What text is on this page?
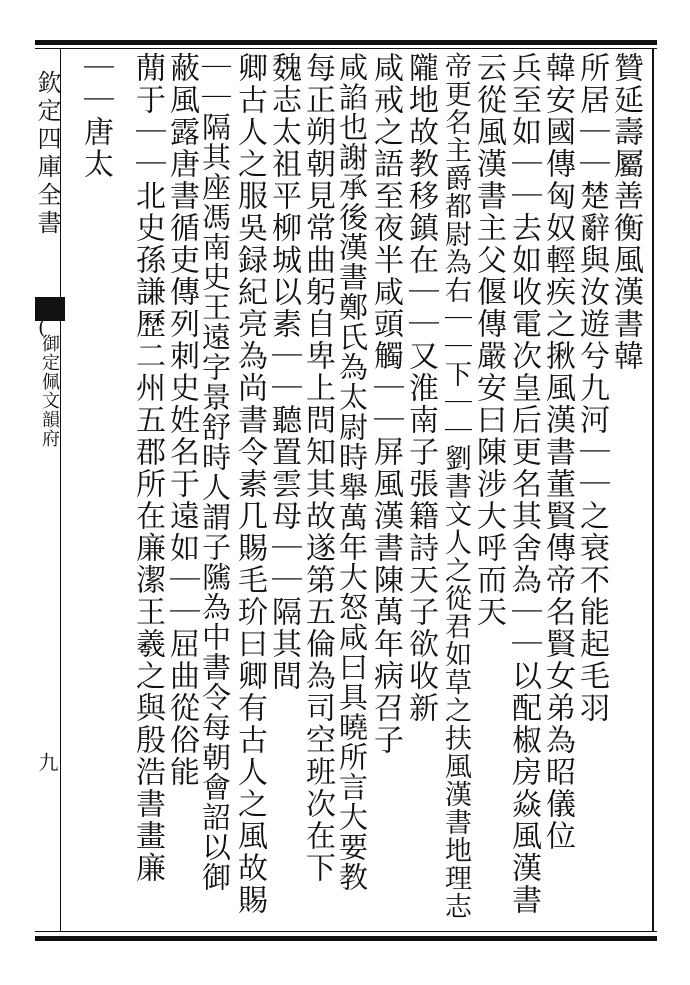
欽定四庫全書
(
御定佩文韻府
九
贊延壽屬善衡風漢書韓
所居｜｜楚辭與汝遊兮九河｜｜之衰不能起毛羽
韓安國傳匈奴輕疾之揪風漢書董賢傳帝名賢女弟為昭儀位
兵至如｜｜去如收電次皇后更名其舍為｜｜以配椒房焱風漢書
云從風漢書主父偃傳嚴安曰陳涉大呼而天
帝更名主爵都尉為右｜｜下｜｜劉書文人之從君如草之扶風漢書地理志
隴地故教移鎮在｜｜又淮南子張籍詩天子欲收新
咸戒之語至夜半咸頭觸｜｜屏風漢書陳萬年病召子
咸諂也謝承後漢書鄭氏為太尉時舉萬年大怒咸曰具曉所言大要教
每正朔朝見常曲躬自卑上問知其故遂第五倫為司空班次在下
魏志太祖平柳城以素｜｜聽置雲母｜｜隔其間
卿古人之服吳録紀亮為尚書令素几賜毛玠曰卿有古人之風故賜
｜｜隔其座馮南史王遠字景舒時人謂子隲為中書令每朝會詔以御
蔽風露唐書循吏傳列刺史姓名于遠如｜｜屈曲從俗能
蕑于｜｜北史孫謙歷二州五郡所在廉潔王羲之與殷浩書畫廉
｜｜唐太
